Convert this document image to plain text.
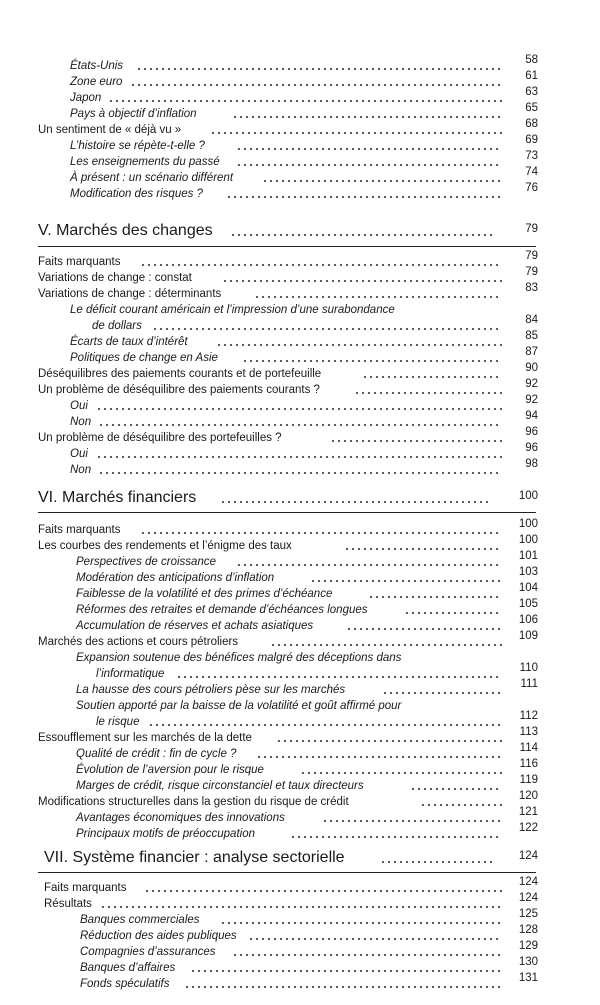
États-Unis	58
Zone euro	61
Japon	63
Pays à objectif d’inflation	65
Un sentiment de « déjà vu »	68
L’histoire se répète-t-elle ?	69
Les enseignements du passé	73
À présent : un scénario différent	74
Modification des risques ?	76
V. Marchés des changes	79
Faits marquants	79
Variations de change : constat	79
Variations de change : déterminants	83
Le déficit courant américain et l’impression d’une surabondance
de dollars	84
Écarts de taux d’intérêt	85
Politiques de change en Asie	87
Déséquilibres des paiements courants et de portefeuille	90
Un problème de déséquilibre des paiements courants ?	92
Oui	92
Non	94
Un problème de déséquilibre des portefeuilles ?	96
Oui	96
Non	98
VI. Marchés financiers	100
Faits marquants	100
Les courbes des rendements et l’énigme des taux	100
Perspectives de croissance	101
Modération des anticipations d’inflation	103
Faiblesse de la volatilité et des primes d’échéance	104
Réformes des retraites et demande d’échéances longues	105
Accumulation de réserves et achats asiatiques	106
Marchés des actions et cours pétroliers	109
Expansion soutenue des bénéfices malgré des déceptions dans
l’informatique	110
La hausse des cours pétroliers pèse sur les marchés	111
Soutien apporté par la baisse de la volatilité et goût affirmé pour
le risque	112
Essoufflement sur les marchés de la dette	113
Qualité de crédit : fin de cycle ?	114
Évolution de l’aversion pour le risque	116
Marges de crédit, risque circonstanciel et taux directeurs	119
Modifications structurelles dans la gestion du risque de crédit	120
Avantages économiques des innovations	121
Principaux motifs de préoccupation	122
VII. Système financier : analyse sectorielle	124
Faits marquants	124
Résultats	124
Banques commerciales	125
Réduction des aides publiques	128
Compagnies d’assurances	129
Banques d’affaires	130
Fonds spéculatifs	131
